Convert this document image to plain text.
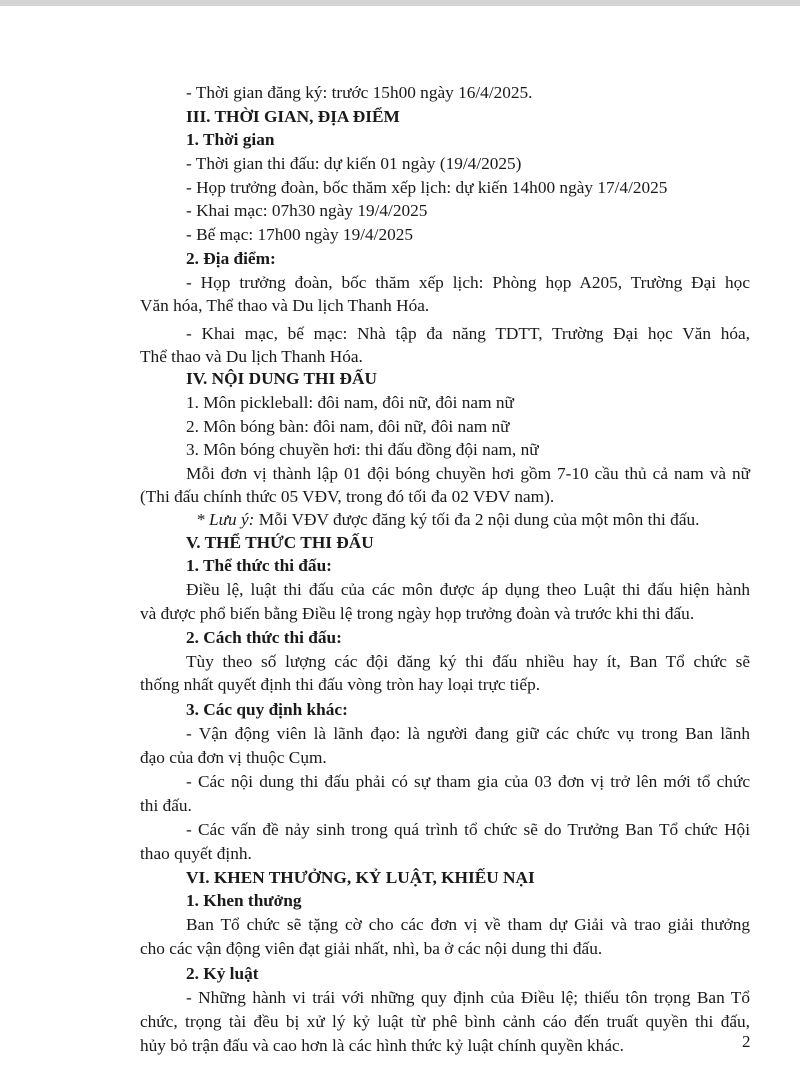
- Thời gian đăng ký: trước 15h00 ngày 16/4/2025.
III. THỜI GIAN, ĐỊA ĐIỂM
1. Thời gian
- Thời gian thi đấu: dự kiến 01 ngày (19/4/2025)
- Họp trưởng đoàn, bốc thăm xếp lịch: dự kiến 14h00 ngày 17/4/2025
- Khai mạc: 07h30 ngày 19/4/2025
- Bế mạc: 17h00 ngày 19/4/2025
2. Địa điểm:
- Họp trưởng đoàn, bốc thăm xếp lịch: Phòng họp A205, Trường Đại học
Văn hóa, Thể thao và Du lịch Thanh Hóa.
- Khai mạc, bế mạc: Nhà tập đa năng TDTT, Trường Đại học Văn hóa,
Thể thao và Du lịch Thanh Hóa.
IV. NỘI DUNG THI ĐẤU
1. Môn pickleball: đôi nam, đôi nữ, đôi nam nữ
2. Môn bóng bàn: đôi nam, đôi nữ, đôi nam nữ
3. Môn bóng chuyền hơi: thi đấu đồng đội nam, nữ
Mỗi đơn vị thành lập 01 đội bóng chuyền hơi gồm 7-10 cầu thủ cả nam và nữ
(Thi đấu chính thức 05 VĐV, trong đó tối đa 02 VĐV nam).
* Lưu ý: Mỗi VĐV được đăng ký tối đa 2 nội dung của một môn thi đấu.
V. THỂ THỨC THI ĐẤU
1. Thể thức thi đấu:
Điều lệ, luật thi đấu của các môn được áp dụng theo Luật thi đấu hiện hành
và được phổ biến bằng Điều lệ trong ngày họp trưởng đoàn và trước khi thi đấu.
2. Cách thức thi đấu:
Tùy theo số lượng các đội đăng ký thi đấu nhiều hay ít, Ban Tổ chức sẽ
thống nhất quyết định thi đấu vòng tròn hay loại trực tiếp.
3. Các quy định khác:
- Vận động viên là lãnh đạo: là người đang giữ các chức vụ trong Ban lãnh
đạo của đơn vị thuộc Cụm.
- Các nội dung thi đấu phải có sự tham gia của 03 đơn vị trở lên mới tổ chức
thi đấu.
- Các vấn đề nảy sinh trong quá trình tổ chức sẽ do Trưởng Ban Tổ chức Hội
thao quyết định.
VI. KHEN THƯỞNG, KỶ LUẬT, KHIẾU NẠI
1. Khen thưởng
Ban Tổ chức sẽ tặng cờ cho các đơn vị về tham dự Giải và trao giải thưởng
cho các vận động viên đạt giải nhất, nhì, ba ở các nội dung thi đấu.
2. Kỷ luật
- Những hành vi trái với những quy định của Điều lệ; thiếu tôn trọng Ban Tổ
chức, trọng tài đều bị xử lý kỷ luật từ phê bình cảnh cáo đến truất quyền thi đấu,
hủy bỏ trận đấu và cao hơn là các hình thức kỷ luật chính quyền khác.	2
